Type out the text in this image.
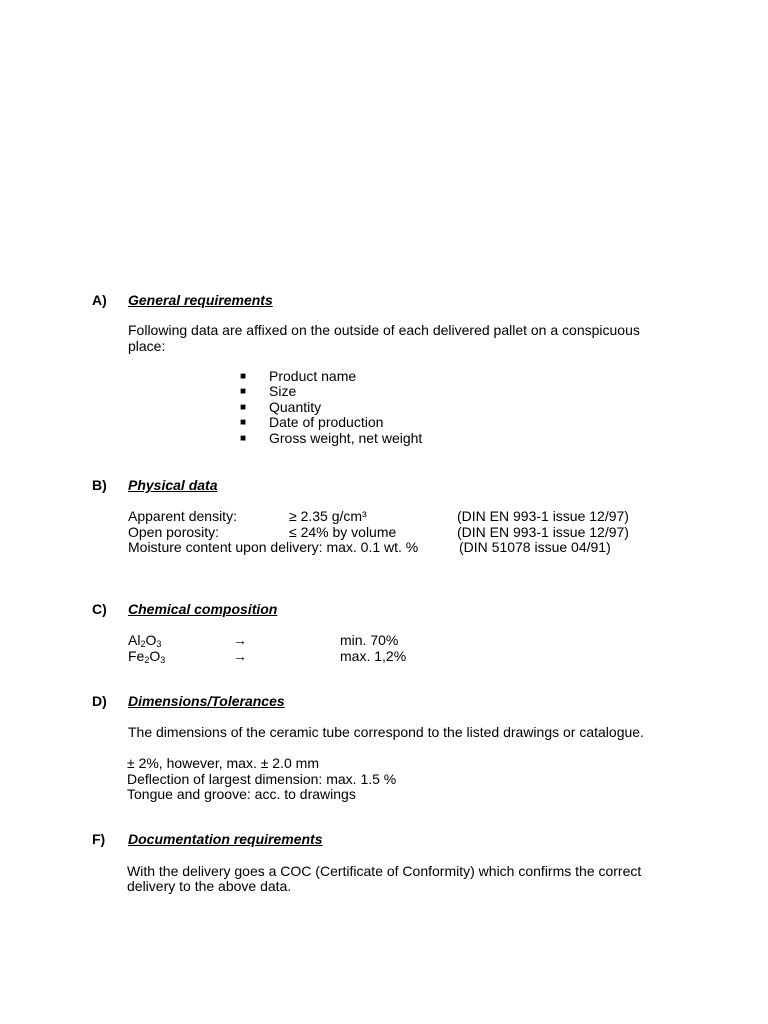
A) General requirements
Following data are affixed on the outside of each delivered pallet on a conspicuous
place:
■ Product name
■ Size
■ Quantity
■ Date of production
■ Gross weight, net weight
B) Physical data
Apparent density:	≥ 2.35 g/cm³	(DIN EN 993-1 issue 12/97)
Open porosity:	≤ 24% by volume	(DIN EN 993-1 issue 12/97)
Moisture content upon delivery: max. 0.1 wt. %	(DIN 51078 issue 04/91)
C) Chemical composition
$Al_2O_3$	→	min. 70%
$Fe_2O_3$	→	max. 1,2%
D) Dimensions/Tolerances
The dimensions of the ceramic tube correspond to the listed drawings or catalogue.
± 2%, however, max. ± 2.0 mm
Deflection of largest dimension: max. 1.5 %
Tongue and groove: acc. to drawings
F) Documentation requirements
With the delivery goes a COC (Certificate of Conformity) which confirms the correct
delivery to the above data.
